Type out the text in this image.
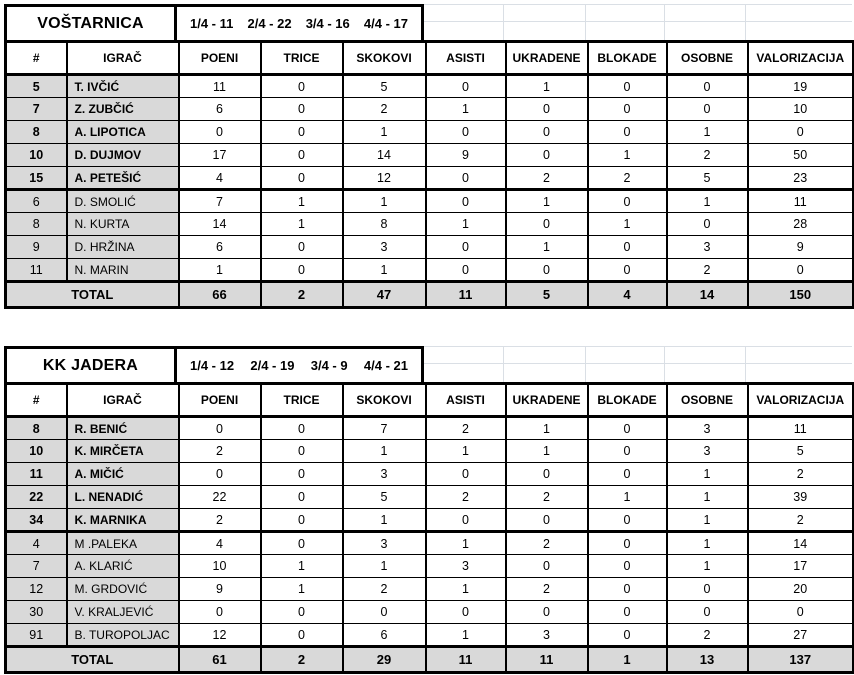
VOŠTARNICA	1/4 - 11 2/4 - 22 3/4 - 16 4/4 - 17
#	IGRAČ	POENI	TRICE	SKOKOVI	ASISTI	UKRADENE	BLOKADE	OSOBNE	VALORIZACIJA
5	T. IVČIĆ	11	0	5	0	1	0	0	19
7	Z. ZUBČIĆ	6	0	2	1	0	0	0	10
8	A. LIPOTICA	0	0	1	0	0	0	1	0
10	D. DUJMOV	17	0	14	9	0	1	2	50
15	A. PETEŠIĆ	4	0	12	0	2	2	5	23
6	D. SMOLIĆ	7	1	1	0	1	0	1	11
8	N. KURTA	14	1	8	1	0	1	0	28
9	D. HRŽINA	6	0	3	0	1	0	3	9
11	N. MARIN	1	0	1	0	0	0	2	0
TOTAL		66	2	47	11	5	4	14	150
KK JADERA	1/4 - 12 2/4 - 19 3/4 - 9 4/4 - 21
#	IGRAČ	POENI	TRICE	SKOKOVI	ASISTI	UKRADENE	BLOKADE	OSOBNE	VALORIZACIJA
8	R. BENIĆ	0	0	7	2	1	0	3	11
10	K. MIRČETA	2	0	1	1	1	0	3	5
11	A. MIČIĆ	0	0	3	0	0	0	1	2
22	L. NENADIĆ	22	0	5	2	2	1	1	39
34	K. MARNIKA	2	0	1	0	0	0	1	2
4	M .PALEKA	4	0	3	1	2	0	1	14
7	A. KLARIĆ	10	1	1	3	0	0	1	17
12	M. GRDOVIĆ	9	1	2	1	2	0	0	20
30	V. KRALJEVIĆ	0	0	0	0	0	0	0	0
91	B. TUROPOLJAC	12	0	6	1	3	0	2	27
TOTAL		61	2	29	11	11	1	13	137
